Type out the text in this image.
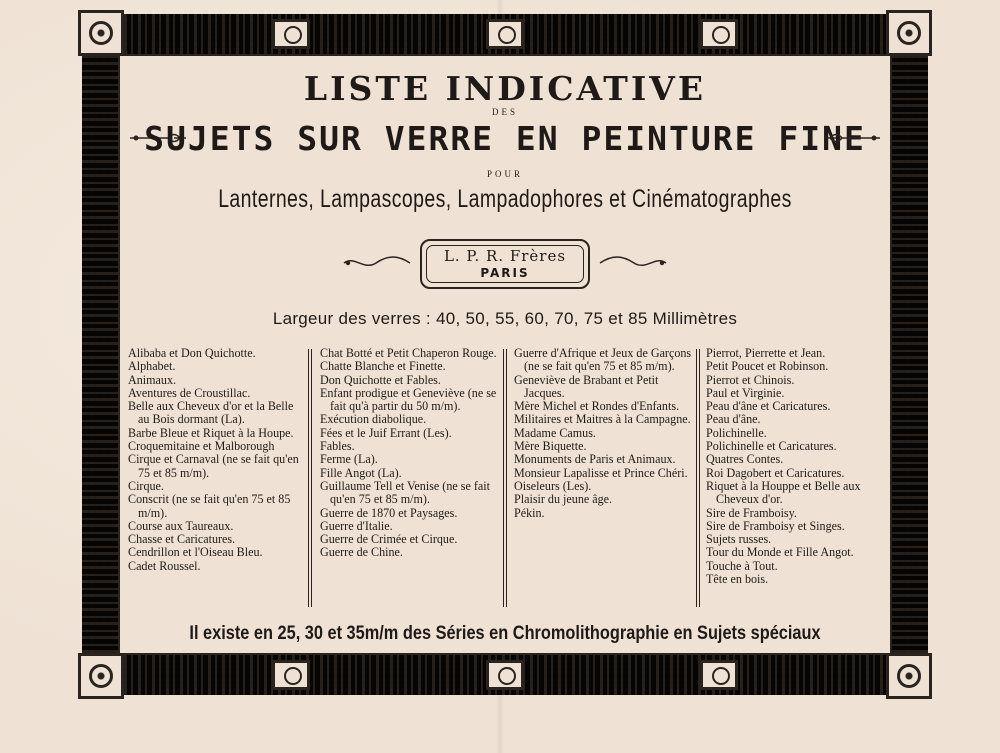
LISTE INDICATIVE
DES
SUJETS SUR VERRE EN PEINTURE FINE
POUR
Lanternes, Lampascopes, Lampadophores et Cinématographes
L. P. R. Frères
PARIS
Largeur des verres : 40, 50, 55, 60, 70, 75 et 85 Millimètres
Alibaba et Don Quichotte.
Alphabet.
Animaux.
Aventures de Croustillac.
Belle aux Cheveux d'or et la Belle au Bois dormant (La).
Barbe Bleue et Riquet à la Houpe.
Croquemitaine et Malborough
Cirque et Carnaval (ne se fait qu'en 75 et 85 m/m).
Cirque.
Conscrit (ne se fait qu'en 75 et 85 m/m).
Course aux Taureaux.
Chasse et Caricatures.
Cendrillon et l'Oiseau Bleu.
Cadet Roussel.
Chat Botté et Petit Chaperon Rouge.
Chatte Blanche et Finette.
Don Quichotte et Fables.
Enfant prodigue et Geneviève (ne se fait qu'à partir du 50 m/m).
Exécution diabolique.
Fées et le Juif Errant (Les).
Fables.
Ferme (La).
Fille Angot (La).
Guillaume Tell et Venise (ne se fait qu'en 75 et 85 m/m).
Guerre de 1870 et Paysages.
Guerre d'Italie.
Guerre de Crimée et Cirque.
Guerre de Chine.
Guerre d'Afrique et Jeux de Garçons (ne se fait qu'en 75 et 85 m/m).
Geneviève de Brabant et Petit Jacques.
Mère Michel et Rondes d'Enfants.
Militaires et Maitres à la Campagne.
Madame Camus.
Mère Biquette.
Monuments de Paris et Animaux.
Monsieur Lapalisse et Prince Chéri.
Oiseleurs (Les).
Plaisir du jeune âge.
Pékin.
Pierrot, Pierrette et Jean.
Petit Poucet et Robinson.
Pierrot et Chinois.
Paul et Virginie.
Peau d'âne et Caricatures.
Peau d'âne.
Polichinelle.
Polichinelle et Caricatures.
Quatres Contes.
Roi Dagobert et Caricatures.
Riquet à la Houppe et Belle aux Cheveux d'or.
Sire de Framboisy.
Sire de Framboisy et Singes.
Sujets russes.
Tour du Monde et Fille Angot.
Touche à Tout.
Tête en bois.
Il existe en 25, 30 et 35m/m des Séries en Chromolithographie en Sujets spéciaux
